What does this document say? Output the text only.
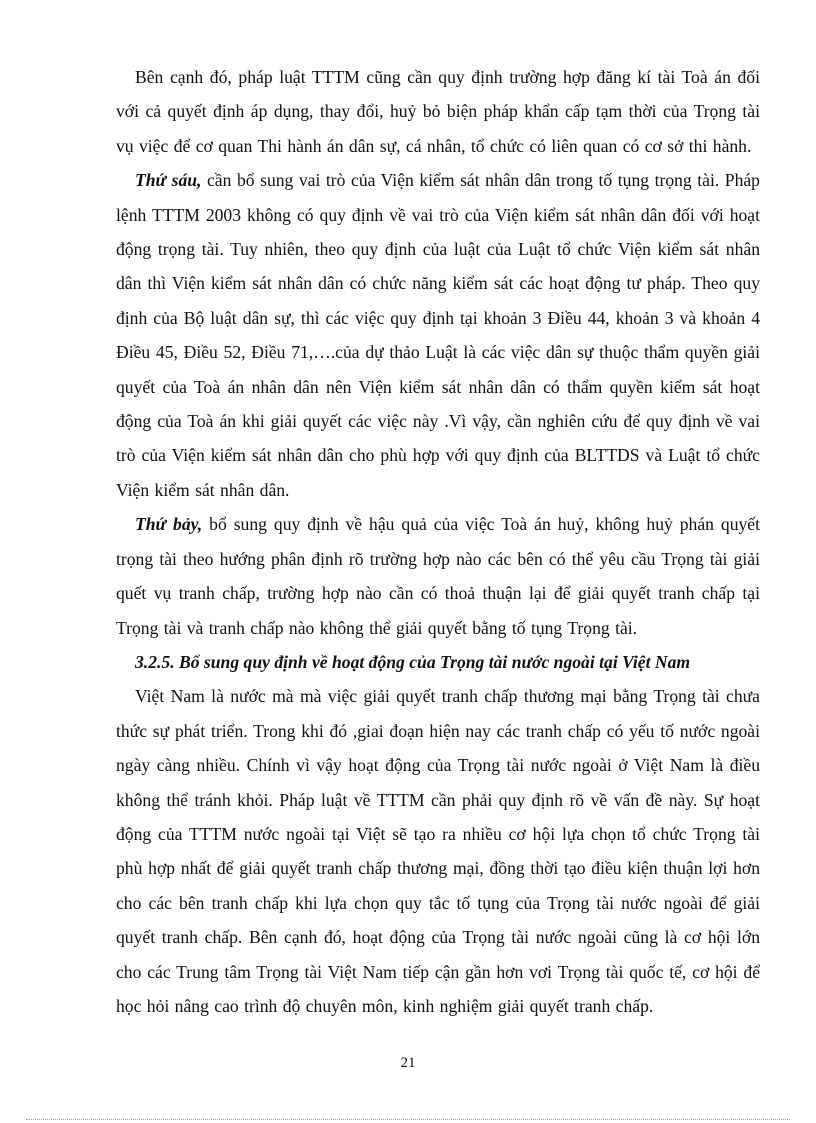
Bên cạnh đó, pháp luật TTTM cũng cần quy định trường hợp đăng kí tài Toà án đối với cả quyết định áp dụng, thay đổi, huỷ bỏ biện pháp khẩn cấp tạm thời của Trọng tài vụ việc để cơ quan Thi hành án dân sự, cá nhân, tổ chức có liên quan có cơ sở thi hành.

Thứ sáu, cần bổ sung vai trò của Viện kiểm sát nhân dân trong tố tụng trọng tài. Pháp lệnh TTTM 2003 không có quy định về vai trò của Viện kiểm sát nhân dân đối với hoạt động trọng tài. Tuy nhiên, theo quy định của luật của Luật tổ chức Viện kiểm sát nhân dân thì Viện kiểm sát nhân dân có chức năng kiểm sát các hoạt động tư pháp. Theo quy định của Bộ luật dân sự, thì các việc quy định tại khoản 3 Điều 44, khoản 3 và khoản 4 Điều 45, Điều 52, Điều 71,….của dự thảo Luật là các việc dân sự thuộc thẩm quyền giải quyết của Toà án nhân dân nên Viện kiểm sát nhân dân có thẩm quyền kiểm sát hoạt động của Toà án khi giải quyết các việc này .Vì vậy, cần nghiên cứu để quy định về vai trò của Viện kiểm sát nhân dân cho phù hợp với quy định của BLTTDS và Luật tổ chức Viện kiểm sát nhân dân.

Thứ bảy, bổ sung quy định về hậu quả của việc Toà án huỷ, không huỷ phán quyết trọng tài theo hướng phân định rõ trường hợp nào các bên có thể yêu cầu Trọng tài giải quết vụ tranh chấp, trường hợp nào cần có thoả thuận lại để giải quyết tranh chấp tại Trọng tài và tranh chấp nào không thể giải quyết bằng tố tụng Trọng tài.

3.2.5. Bổ sung quy định về hoạt động của Trọng tài nước ngoài tại Việt Nam

Việt Nam là nước mà mà việc giải quyết tranh chấp thương mại bằng Trọng tài chưa thức sự phát triển. Trong khi đó ,giai đoạn hiện nay các tranh chấp có yếu tố nước ngoài ngày càng nhiều. Chính vì vậy hoạt động của Trọng tài nước ngoài ở Việt Nam là điều không thể tránh khỏi. Pháp luật về TTTM cần phải quy định rõ về vấn đề này. Sự hoạt động của TTTM nước ngoài tại Việt sẽ tạo ra nhiều cơ hội lựa chọn tổ chức Trọng tài phù hợp nhất để giải quyết tranh chấp thương mại, đồng thời tạo điều kiện thuận lợi hơn cho các bên tranh chấp khi lựa chọn quy tắc tố tụng của Trọng tài nước ngoài để giải quyết tranh chấp. Bên cạnh đó, hoạt động của Trọng tài nước ngoài cũng là cơ hội lớn cho các Trung tâm Trọng tài Việt Nam tiếp cận gần hơn vơi Trọng tài quốc tế, cơ hội để học hỏi nâng cao trình độ chuyên môn, kinh nghiệm giải quyết tranh chấp.

21
